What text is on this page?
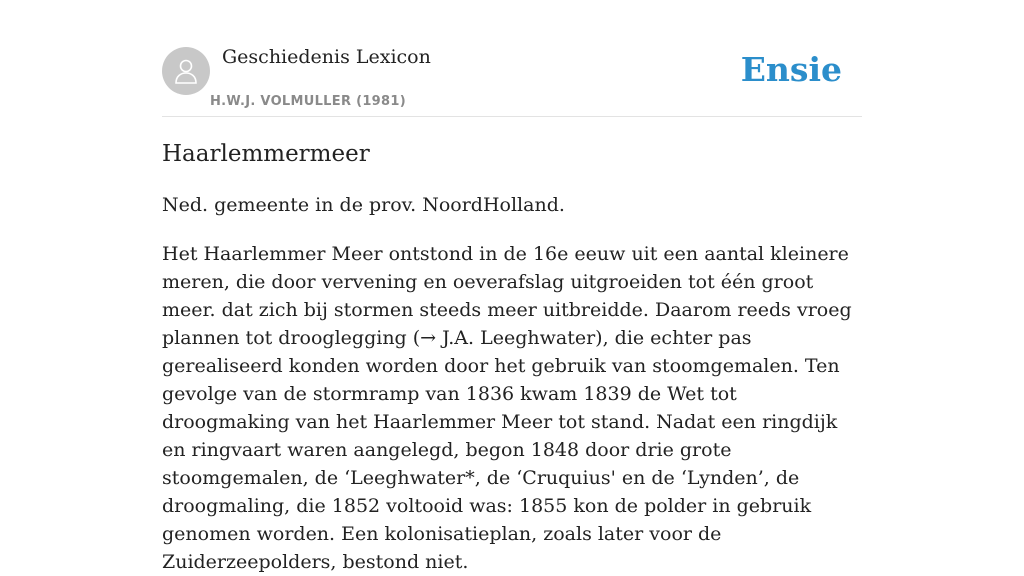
Geschiedenis Lexicon
H.W.J. VOLMULLER (1981)
Ensie
Haarlemmermeer

Ned. gemeente in de prov. NoordHolland.

Het Haarlemmer Meer ontstond in de 16e eeuw uit een aantal kleinere meren, die door vervening en oeverafslag uitgroeiden tot één groot meer. dat zich bij stormen steeds meer uitbreidde. Daarom reeds vroeg plannen tot drooglegging (→ J.A. Leeghwater), die echter pas gerealiseerd konden worden door het gebruik van stoomgemalen. Ten gevolge van de stormramp van 1836 kwam 1839 de Wet tot droogmaking van het Haarlemmer Meer tot stand. Nadat een ringdijk en ringvaart waren aangelegd, begon 1848 door drie grote stoomgemalen, de ‘Leeghwater*, de ‘Cruquius' en de ‘Lynden’, de droogmaling, die 1852 voltooid was: 1855 kon de polder in gebruik genomen worden. Een kolonisatieplan, zoals later voor de Zuiderzeepolders, bestond niet.
